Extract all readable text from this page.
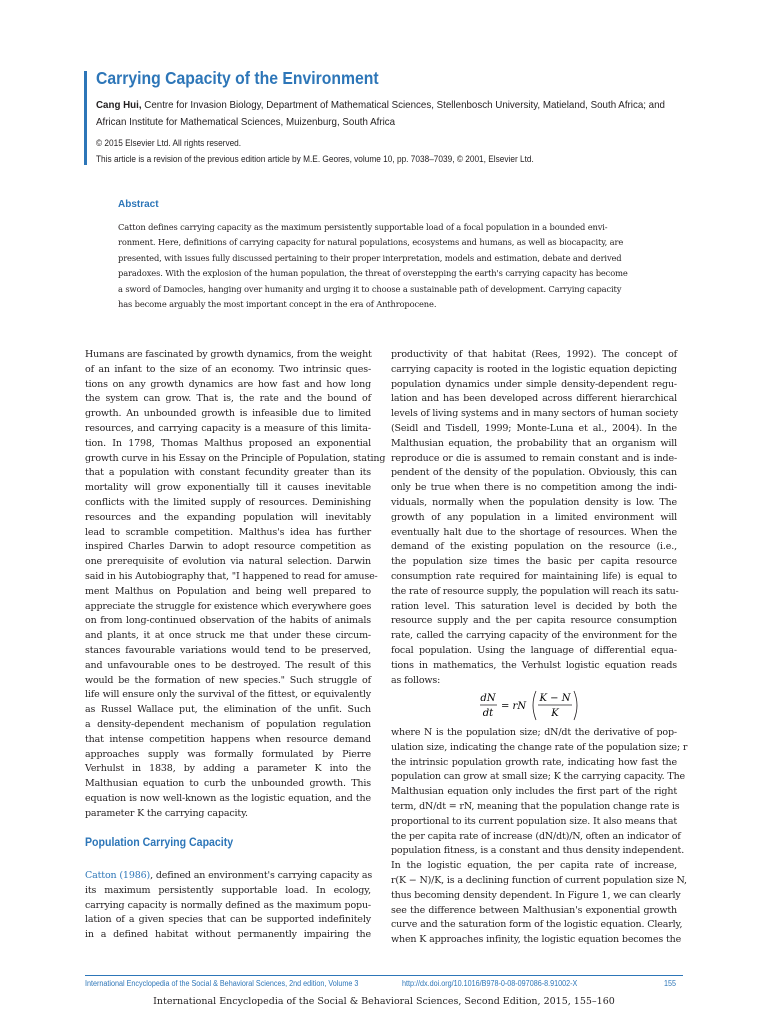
Carrying Capacity of the Environment
Cang Hui, Centre for Invasion Biology, Department of Mathematical Sciences, Stellenbosch University, Matieland, South Africa; and
African Institute for Mathematical Sciences, Muizenburg, South Africa
© 2015 Elsevier Ltd. All rights reserved.
This article is a revision of the previous edition article by M.E. Geores, volume 10, pp. 7038–7039, © 2001, Elsevier Ltd.
Abstract
Catton defines carrying capacity as the maximum persistently supportable load of a focal population in a bounded envi-
ronment. Here, definitions of carrying capacity for natural populations, ecosystems and humans, as well as biocapacity, are
presented, with issues fully discussed pertaining to their proper interpretation, models and estimation, debate and derived
paradoxes. With the explosion of the human population, the threat of overstepping the earth's carrying capacity has become
a sword of Damocles, hanging over humanity and urging it to choose a sustainable path of development. Carrying capacity
has become arguably the most important concept in the era of Anthropocene.
Humans are fascinated by growth dynamics, from the weight
of an infant to the size of an economy. Two intrinsic ques-
tions on any growth dynamics are how fast and how long
the system can grow. That is, the rate and the bound of
growth. An unbounded growth is infeasible due to limited
resources, and carrying capacity is a measure of this limita-
tion. In 1798, Thomas Malthus proposed an exponential
growth curve in his Essay on the Principle of Population, stating
that a population with constant fecundity greater than its
mortality will grow exponentially till it causes inevitable
conflicts with the limited supply of resources. Deminishing
resources and the expanding population will inevitably
lead to scramble competition. Malthus's idea has further
inspired Charles Darwin to adopt resource competition as
one prerequisite of evolution via natural selection. Darwin
said in his Autobiography that, "I happened to read for amuse-
ment Malthus on Population and being well prepared to
appreciate the struggle for existence which everywhere goes
on from long-continued observation of the habits of animals
and plants, it at once struck me that under these circum-
stances favourable variations would tend to be preserved,
and unfavourable ones to be destroyed. The result of this
would be the formation of new species." Such struggle of
life will ensure only the survival of the fittest, or equivalently
as Russel Wallace put, the elimination of the unfit. Such
a density-dependent mechanism of population regulation
that intense competition happens when resource demand
approaches supply was formally formulated by Pierre
Verhulst in 1838, by adding a parameter K into the
Malthusian equation to curb the unbounded growth. This
equation is now well-known as the logistic equation, and the
parameter K the carrying capacity.
Population Carrying Capacity
Catton (1986), defined an environment's carrying capacity as
its maximum persistently supportable load. In ecology,
carrying capacity is normally defined as the maximum popu-
lation of a given species that can be supported indefinitely
in a defined habitat without permanently impairing the
productivity of that habitat (Rees, 1992). The concept of
carrying capacity is rooted in the logistic equation depicting
population dynamics under simple density-dependent regu-
lation and has been developed across different hierarchical
levels of living systems and in many sectors of human society
(Seidl and Tisdell, 1999; Monte-Luna et al., 2004). In the
Malthusian equation, the probability that an organism will
reproduce or die is assumed to remain constant and is inde-
pendent of the density of the population. Obviously, this can
only be true when there is no competition among the indi-
viduals, normally when the population density is low. The
growth of any population in a limited environment will
eventually halt due to the shortage of resources. When the
demand of the existing population on the resource (i.e.,
the population size times the basic per capita resource
consumption rate required for maintaining life) is equal to
the rate of resource supply, the population will reach its satu-
ration level. This saturation level is decided by both the
resource supply and the per capita resource consumption
rate, called the carrying capacity of the environment for the
focal population. Using the language of differential equa-
tions in mathematics, the Verhulst logistic equation reads
as follows:
dN
dt
= rN
K − N
K
where N is the population size; dN/dt the derivative of pop-
ulation size, indicating the change rate of the population size; r
the intrinsic population growth rate, indicating how fast the
population can grow at small size; K the carrying capacity. The
Malthusian equation only includes the first part of the right
term, dN/dt = rN, meaning that the population change rate is
proportional to its current population size. It also means that
the per capita rate of increase (dN/dt)/N, often an indicator of
population fitness, is a constant and thus density independent.
In the logistic equation, the per capita rate of increase,
r(K − N)/K, is a declining function of current population size N,
thus becoming density dependent. In Figure 1, we can clearly
see the difference between Malthusian's exponential growth
curve and the saturation form of the logistic equation. Clearly,
when K approaches infinity, the logistic equation becomes the
International Encyclopedia of the Social & Behavioral Sciences, 2nd edition, Volume 3	http://dx.doi.org/10.1016/B978-0-08-097086-8.91002-X	155
International Encyclopedia of the Social & Behavioral Sciences, Second Edition, 2015, 155–160
